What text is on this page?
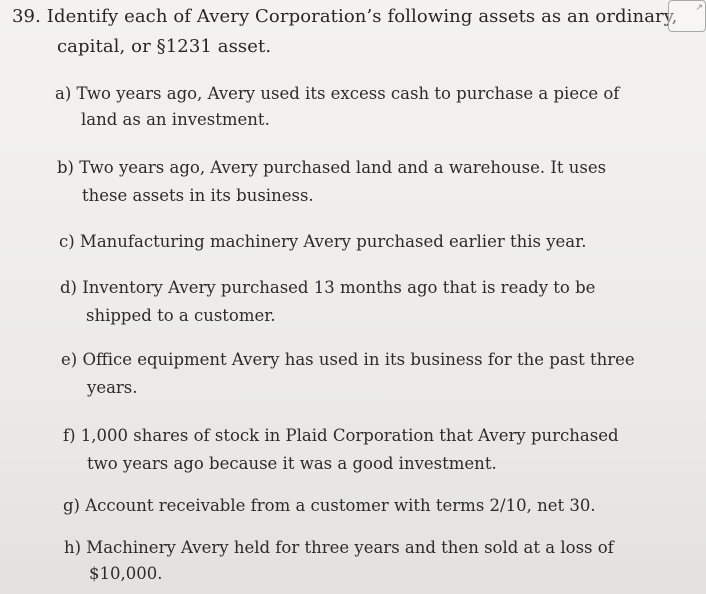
39. Identify each of Avery Corporation’s following assets as an ordinary,
capital, or §1231 asset.
↗
a) Two years ago, Avery used its excess cash to purchase a piece of
land as an investment.
b) Two years ago, Avery purchased land and a warehouse. It uses
these assets in its business.
c) Manufacturing machinery Avery purchased earlier this year.
d) Inventory Avery purchased 13 months ago that is ready to be
shipped to a customer.
e) Office equipment Avery has used in its business for the past three
years.
f) 1,000 shares of stock in Plaid Corporation that Avery purchased
two years ago because it was a good investment.
g) Account receivable from a customer with terms 2/10, net 30.
h) Machinery Avery held for three years and then sold at a loss of
$10,000.
